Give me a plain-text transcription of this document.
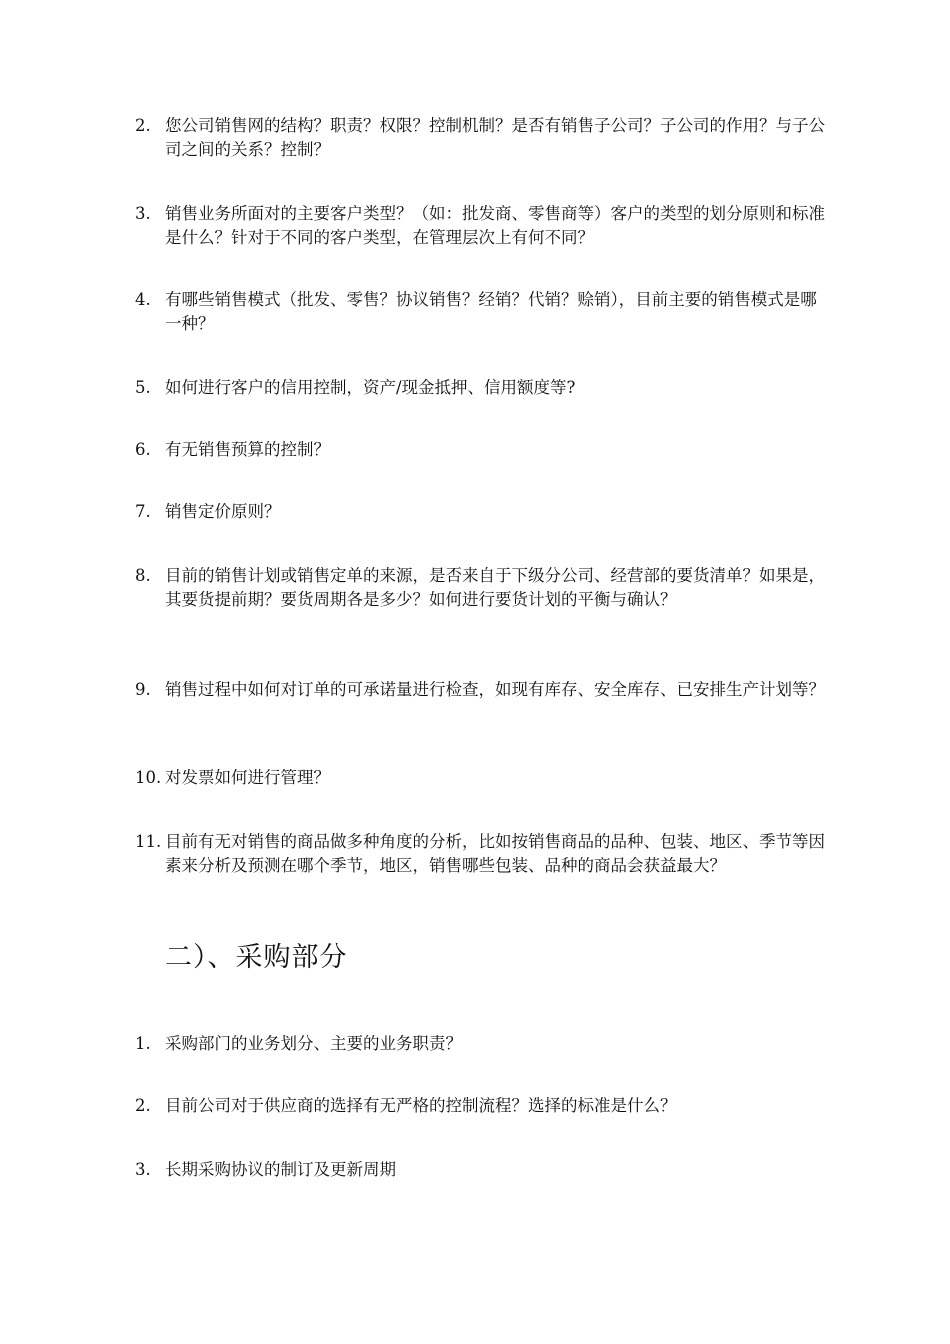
2. 您公司销售网的结构？职责？权限？控制机制？是否有销售子公司？子公司的作用？与子公司之间的关系？控制？
3. 销售业务所面对的主要客户类型？（如：批发商、零售商等）客户的类型的划分原则和标准是什么？针对于不同的客户类型，在管理层次上有何不同？
4. 有哪些销售模式（批发、零售？协议销售？经销？代销？赊销），目前主要的销售模式是哪一种？
5. 如何进行客户的信用控制，资产/现金抵押、信用额度等?
6. 有无销售预算的控制？
7. 销售定价原则？
8. 目前的销售计划或销售定单的来源，是否来自于下级分公司、经营部的要货清单？如果是，其要货提前期？要货周期各是多少？如何进行要货计划的平衡与确认？
9. 销售过程中如何对订单的可承诺量进行检查，如现有库存、安全库存、已安排生产计划等？
10. 对发票如何进行管理？
11. 目前有无对销售的商品做多种角度的分析，比如按销售商品的品种、包装、地区、季节等因素来分析及预测在哪个季节，地区，销售哪些包装、品种的商品会获益最大？
二）、采购部分
1. 采购部门的业务划分、主要的业务职责？
2. 目前公司对于供应商的选择有无严格的控制流程？选择的标准是什么？
3. 长期采购协议的制订及更新周期
